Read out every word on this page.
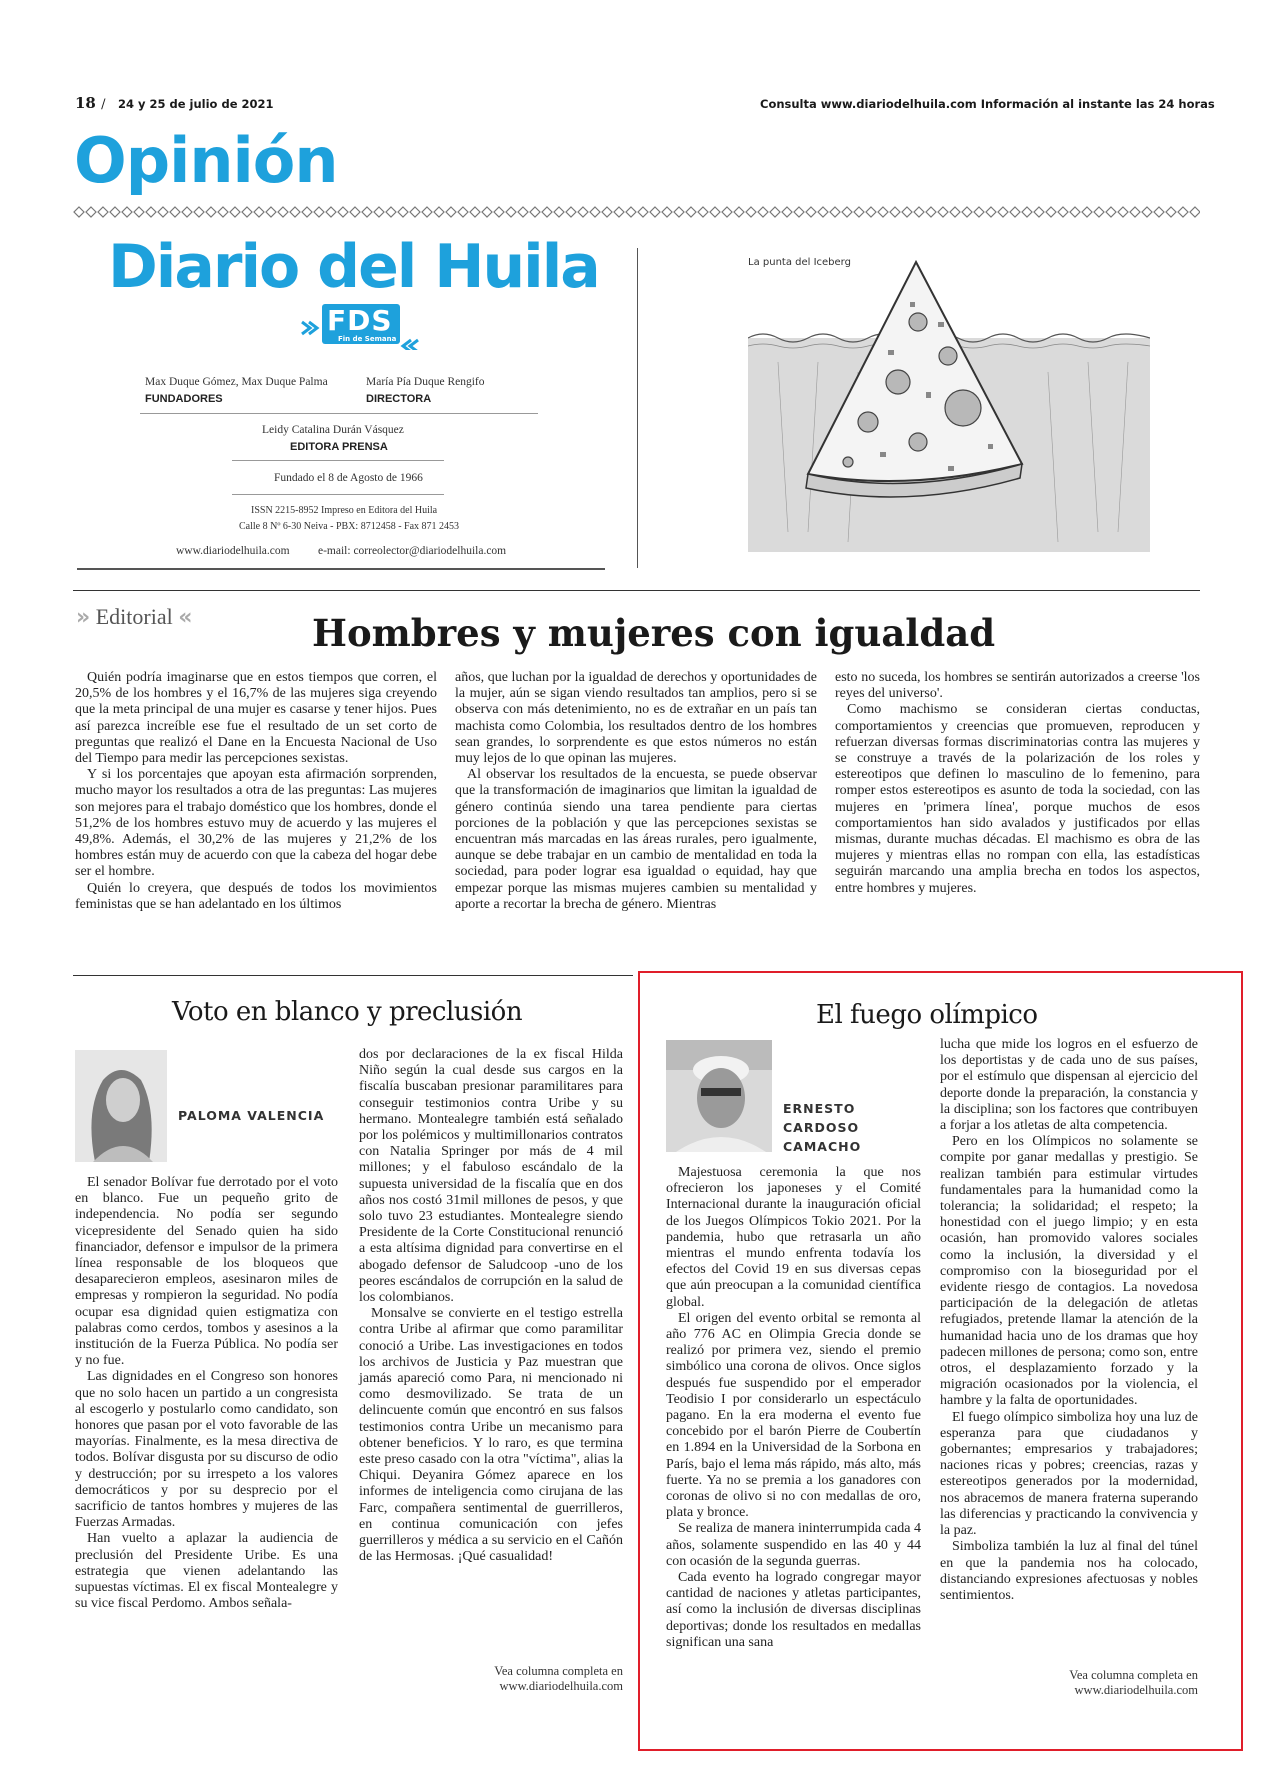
18 / 24 y 25 de julio de 2021	Consulta www.diariodelhuila.com Información al instante las 24 horas
Opinión
Diario del Huila
FDS
Fin de Semana
Max Duque Gómez, Max Duque Palma
FUNDADORES
María Pía Duque Rengifo
DIRECTORA
Leidy Catalina Durán Vásquez
EDITORA PRENSA
Fundado el 8 de Agosto de 1966
ISSN 2215-8952 Impreso en Editora del Huila
Calle 8 Nº 6-30 Neiva - PBX: 8712458 - Fax 871 2453
www.diariodelhuila.com e-mail: correolector@diariodelhuila.com
La punta del Iceberg
» Editorial «	Hombres y mujeres con igualdad

Quién podría imaginarse que en estos tiempos que corren, el 20,5% de los hombres y el 16,7% de las mujeres siga creyendo que la meta principal de una mujer es casarse y tener hijos. Pues así parezca increíble ese fue el resultado de un set corto de preguntas que realizó el Dane en la Encuesta Nacional de Uso del Tiempo para medir las percepciones sexistas.

Y si los porcentajes que apoyan esta afirmación sorprenden, mucho mayor los resultados a otra de las preguntas: Las mujeres son mejores para el trabajo doméstico que los hombres, donde el 51,2% de los hombres estuvo muy de acuerdo y las mujeres el 49,8%. Además, el 30,2% de las mujeres y 21,2% de los hombres están muy de acuerdo con que la cabeza del hogar debe ser el hombre.

Quién lo creyera, que después de todos los movimientos feministas que se han adelantado en los últimos

años, que luchan por la igualdad de derechos y oportunidades de la mujer, aún se sigan viendo resultados tan amplios, pero si se observa con más detenimiento, no es de extrañar en un país tan machista como Colombia, los resultados dentro de los hombres sean grandes, lo sorprendente es que estos números no están muy lejos de lo que opinan las mujeres.

Al observar los resultados de la encuesta, se puede observar que la transformación de imaginarios que limitan la igualdad de género continúa siendo una tarea pendiente para ciertas porciones de la población y que las percepciones sexistas se encuentran más marcadas en las áreas rurales, pero igualmente, aunque se debe trabajar en un cambio de mentalidad en toda la sociedad, para poder lograr esa igualdad o equidad, hay que empezar porque las mismas mujeres cambien su mentalidad y aporte a recortar la brecha de género. Mientras

esto no suceda, los hombres se sentirán autorizados a creerse 'los reyes del universo'.

Como machismo se consideran ciertas conductas, comportamientos y creencias que promueven, reproducen y refuerzan diversas formas discriminatorias contra las mujeres y se construye a través de la polarización de los roles y estereotipos que definen lo masculino de lo femenino, para romper estos estereotipos es asunto de toda la sociedad, con las mujeres en 'primera línea', porque muchos de esos comportamientos han sido avalados y justificados por ellas mismas, durante muchas décadas. El machismo es obra de las mujeres y mientras ellas no rompan con ella, las estadísticas seguirán marcando una amplia brecha en todos los aspectos, entre hombres y mujeres.

Voto en blanco y preclusión
PALOMA VALENCIA

El senador Bolívar fue derrotado por el voto en blanco. Fue un pequeño grito de independencia. No podía ser segundo vicepresidente del Senado quien ha sido financiador, defensor e impulsor de la primera línea responsable de los bloqueos que desaparecieron empleos, asesinaron miles de empresas y rompieron la seguridad. No podía ocupar esa dignidad quien estigmatiza con palabras como cerdos, tombos y asesinos a la institución de la Fuerza Pública. No podía ser y no fue.

Las dignidades en el Congreso son honores que no solo hacen un partido a un congresista al escogerlo y postularlo como candidato, son honores que pasan por el voto favorable de las mayorías. Finalmente, es la mesa directiva de todos. Bolívar disgusta por su discurso de odio y destrucción; por su irrespeto a los valores democráticos y por su desprecio por el sacrificio de tantos hombres y mujeres de las Fuerzas Armadas.

Han vuelto a aplazar la audiencia de preclusión del Presidente Uribe. Es una estrategia que vienen adelantando las supuestas víctimas. El ex fiscal Montealegre y su vice fiscal Perdomo. Ambos señala-

dos por declaraciones de la ex fiscal Hilda Niño según la cual desde sus cargos en la fiscalía buscaban presionar paramilitares para conseguir testimonios contra Uribe y su hermano. Montealegre también está señalado por los polémicos y multimillonarios contratos con Natalia Springer por más de 4 mil millones; y el fabuloso escándalo de la supuesta universidad de la fiscalía que en dos años nos costó 31mil millones de pesos, y que solo tuvo 23 estudiantes. Montealegre siendo Presidente de la Corte Constitucional renunció a esta altísima dignidad para convertirse en el abogado defensor de Saludcoop -uno de los peores escándalos de corrupción en la salud de los colombianos.

Monsalve se convierte en el testigo estrella contra Uribe al afirmar que como paramilitar conoció a Uribe. Las investigaciones en todos los archivos de Justicia y Paz muestran que jamás apareció como Para, ni mencionado ni como desmovilizado. Se trata de un delincuente común que encontró en sus falsos testimonios contra Uribe un mecanismo para obtener beneficios. Y lo raro, es que termina este preso casado con la otra "víctima", alias la Chiqui. Deyanira Gómez aparece en los informes de inteligencia como cirujana de las Farc, compañera sentimental de guerrilleros, en continua comunicación con jefes guerrilleros y médica a su servicio en el Cañón de las Hermosas. ¡Qué casualidad!

Vea columna completa en
www.diariodelhuila.com
El fuego olímpico
ERNESTO
CARDOSO
CAMACHO

Majestuosa ceremonia la que nos ofrecieron los japoneses y el Comité Internacional durante la inauguración oficial de los Juegos Olímpicos Tokio 2021. Por la pandemia, hubo que retrasarla un año mientras el mundo enfrenta todavía los efectos del Covid 19 en sus diversas cepas que aún preocupan a la comunidad científica global.

El origen del evento orbital se remonta al año 776 AC en Olimpia Grecia donde se realizó por primera vez, siendo el premio simbólico una corona de olivos. Once siglos después fue suspendido por el emperador Teodisio I por considerarlo un espectáculo pagano. En la era moderna el evento fue concebido por el barón Pierre de Coubertín en 1.894 en la Universidad de la Sorbona en París, bajo el lema más rápido, más alto, más fuerte. Ya no se premia a los ganadores con coronas de olivo si no con medallas de oro, plata y bronce.

Se realiza de manera ininterrumpida cada 4 años, solamente suspendido en las 40 y 44 con ocasión de la segunda guerras.

Cada evento ha logrado congregar mayor cantidad de naciones y atletas participantes, así como la inclusión de diversas disciplinas deportivas; donde los resultados en medallas significan una sana

lucha que mide los logros en el esfuerzo de los deportistas y de cada uno de sus países, por el estímulo que dispensan al ejercicio del deporte donde la preparación, la constancia y la disciplina; son los factores que contribuyen a forjar a los atletas de alta competencia.

Pero en los Olímpicos no solamente se compite por ganar medallas y prestigio. Se realizan también para estimular virtudes fundamentales para la humanidad como la tolerancia; la solidaridad; el respeto; la honestidad con el juego limpio; y en esta ocasión, han promovido valores sociales como la inclusión, la diversidad y el compromiso con la bioseguridad por el evidente riesgo de contagios. La novedosa participación de la delegación de atletas refugiados, pretende llamar la atención de la humanidad hacia uno de los dramas que hoy padecen millones de persona; como son, entre otros, el desplazamiento forzado y la migración ocasionados por la violencia, el hambre y la falta de oportunidades.

El fuego olímpico simboliza hoy una luz de esperanza para que ciudadanos y gobernantes; empresarios y trabajadores; naciones ricas y pobres; creencias, razas y estereotipos generados por la modernidad, nos abracemos de manera fraterna superando las diferencias y practicando la convivencia y la paz.

Simboliza también la luz al final del túnel en que la pandemia nos ha colocado, distanciando expresiones afectuosas y nobles sentimientos.

Vea columna completa en
www.diariodelhuila.com
